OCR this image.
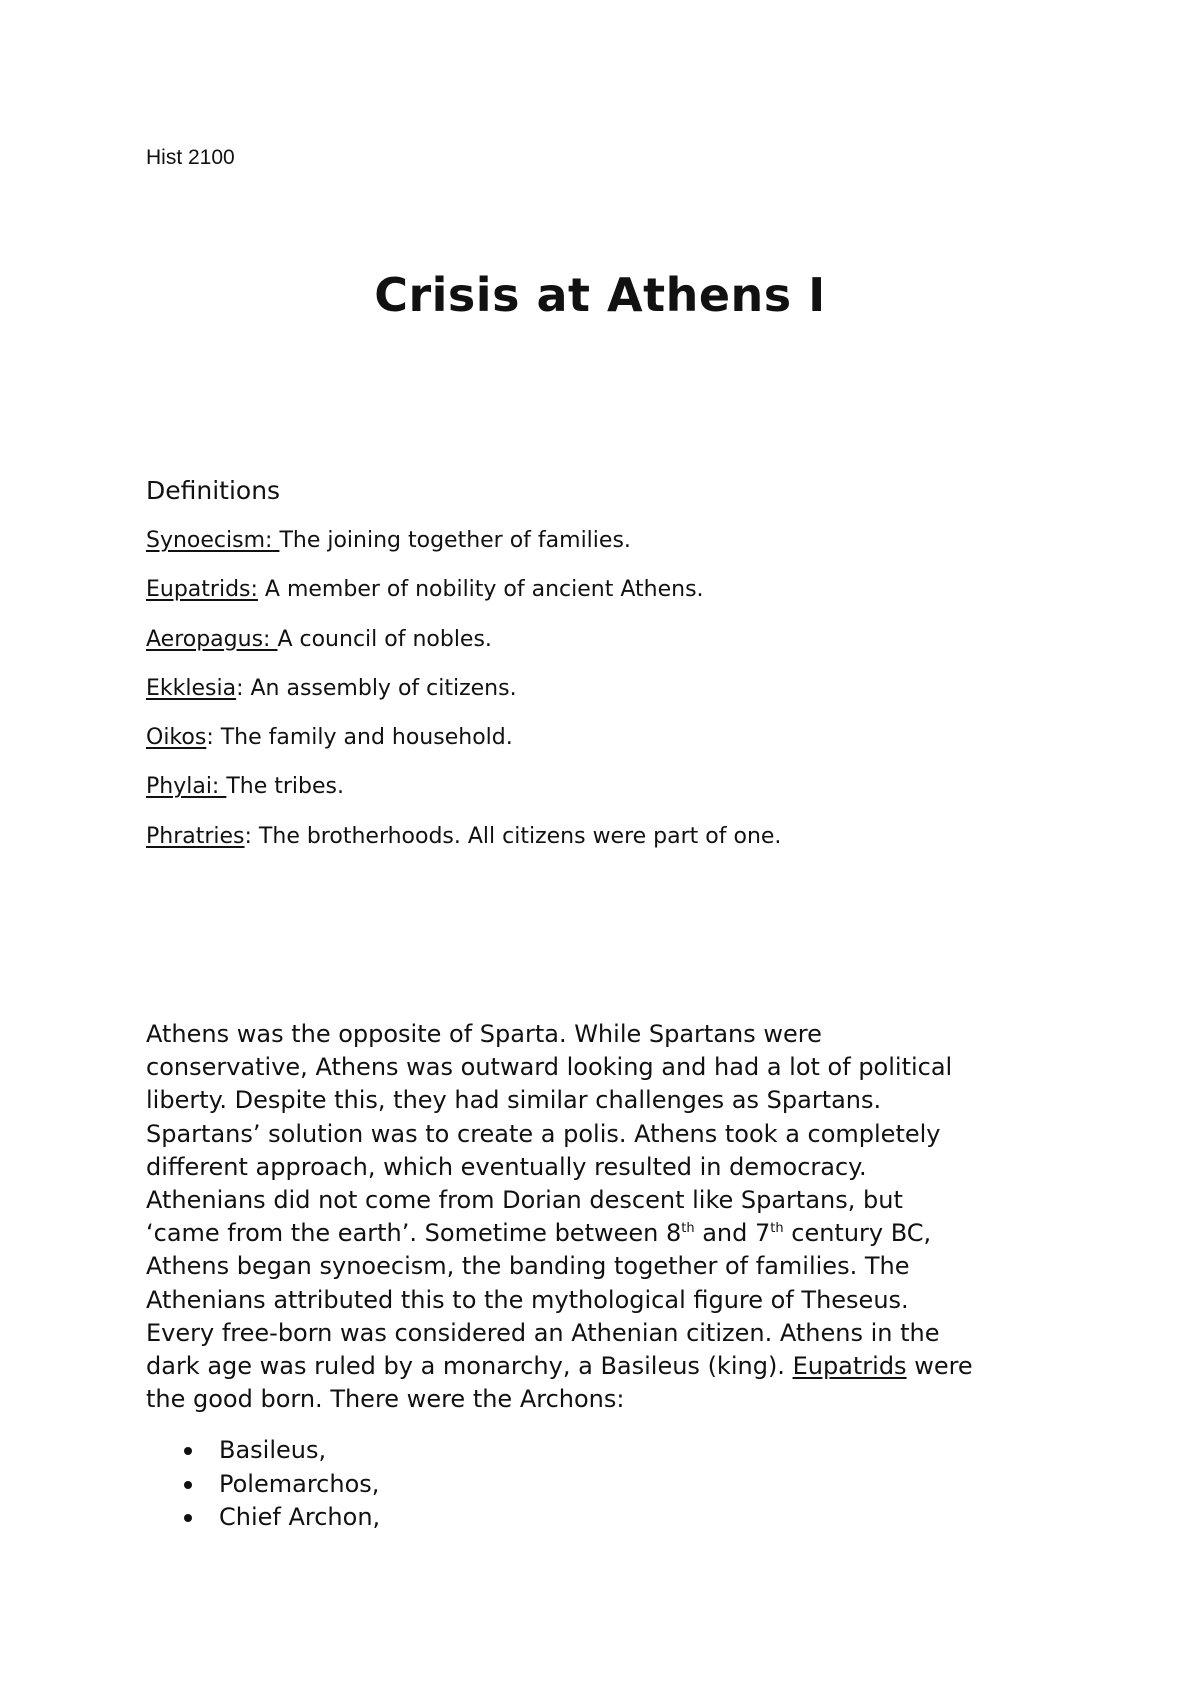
Hist 2100

Crisis at Athens I
Definitions
Synoecism: The joining together of families.
Eupatrids: A member of nobility of ancient Athens.
Aeropagus: A council of nobles.
Ekklesia: An assembly of citizens.
Oikos: The family and household.
Phylai: The tribes.
Phratries: The brotherhoods. All citizens were part of one.
Athens was the opposite of Sparta. While Spartans were
conservative, Athens was outward looking and had a lot of political
liberty. Despite this, they had similar challenges as Spartans.
Spartans’ solution was to create a polis. Athens took a completely
different approach, which eventually resulted in democracy.
Athenians did not come from Dorian descent like Spartans, but
‘came from the earth’. Sometime between 8th and 7th century BC,
Athens began synoecism, the banding together of families. The
Athenians attributed this to the mythological figure of Theseus.
Every free-born was considered an Athenian citizen. Athens in the
dark age was ruled by a monarchy, a Basileus (king). Eupatrids were
the good born. There were the Archons:
Basileus,
Polemarchos,
Chief Archon,
